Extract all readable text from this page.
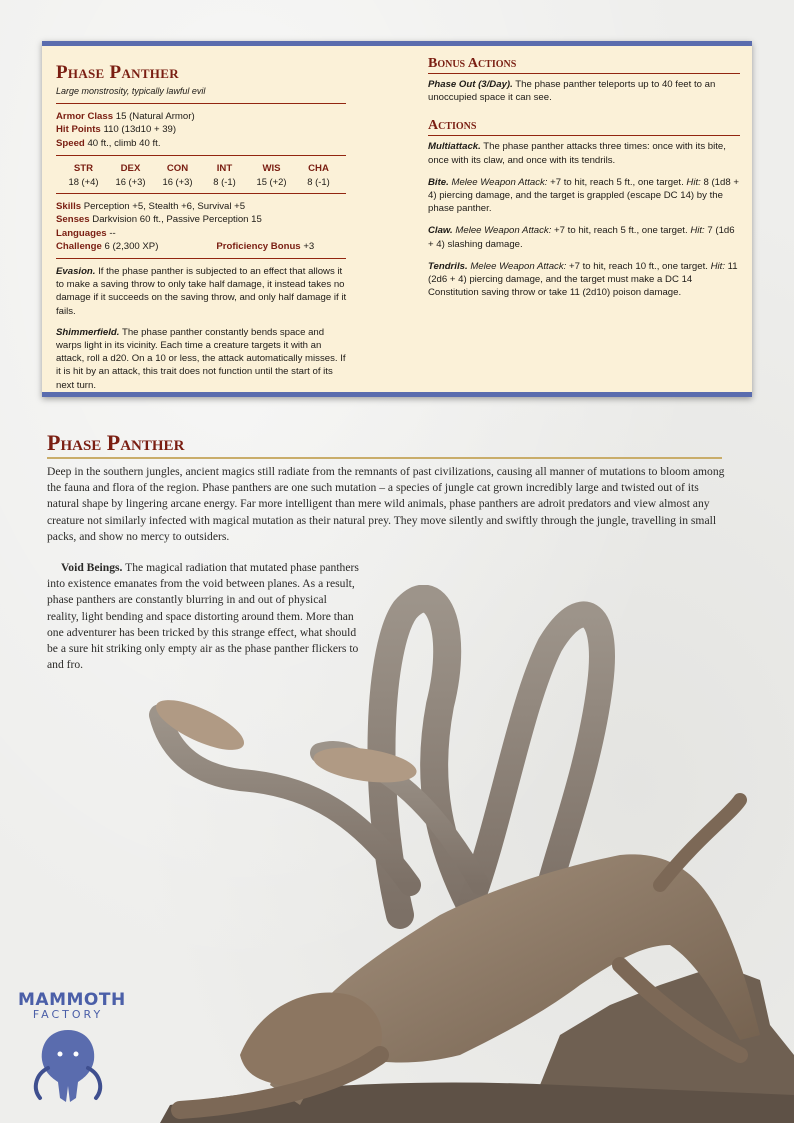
Phase Panther
Large monstrosity, typically lawful evil
Armor Class 15 (Natural Armor)
Hit Points 110 (13d10 + 39)
Speed 40 ft., climb 40 ft.
STR
18 (+4)
DEX
16 (+3)
CON
16 (+3)
INT
8 (-1)
WIS
15 (+2)
CHA
8 (-1)
Skills Perception +5, Stealth +6, Survival +5
Senses Darkvision 60 ft., Passive Perception 15
Languages --
Challenge 6 (2,300 XP)	Proficiency Bonus +3
Evasion. If the phase panther is subjected to an effect that allows it to make a saving throw to only take half damage, it instead takes no damage if it succeeds on the saving throw, and only half damage if it fails.
Shimmerfield. The phase panther constantly bends space and warps light in its vicinity. Each time a creature targets it with an attack, roll a d20. On a 10 or less, the attack automatically misses. If it is hit by an attack, this trait does not function until the start of its next turn.
Bonus Actions
Phase Out (3/Day). The phase panther teleports up to 40 feet to an unoccupied space it can see.
Actions
Multiattack. The phase panther attacks three times: once with its bite, once with its claw, and once with its tendrils.
Bite. Melee Weapon Attack: +7 to hit, reach 5 ft., one target. Hit: 8 (1d8 + 4) piercing damage, and the target is grappled (escape DC 14) by the phase panther.
Claw. Melee Weapon Attack: +7 to hit, reach 5 ft., one target. Hit: 7 (1d6 + 4) slashing damage.
Tendrils. Melee Weapon Attack: +7 to hit, reach 10 ft., one target. Hit: 11 (2d6 + 4) piercing damage, and the target must make a DC 14 Constitution saving throw or take 11 (2d10) poison damage.
Phase Panther
Deep in the southern jungles, ancient magics still radiate from the remnants of past civilizations, causing all manner of mutations to bloom among the fauna and flora of the region. Phase panthers are one such mutation – a species of jungle cat grown incredibly large and twisted out of its natural shape by lingering arcane energy. Far more intelligent than mere wild animals, phase panthers are adroit predators and view almost any creature not similarly infected with magical mutation as their natural prey. They move silently and swiftly through the jungle, travelling in small packs, and show no mercy to outsiders.
Void Beings. The magical radiation that mutated phase panthers into existence emanates from the void between planes. As a result, phase panthers are constantly blurring in and out of physical reality, light bending and space distorting around them. More than one adventurer has been tricked by this strange effect, what should be a sure hit striking only empty air as the phase panther flickers to and fro.
MAMMOTH
FACTORY
